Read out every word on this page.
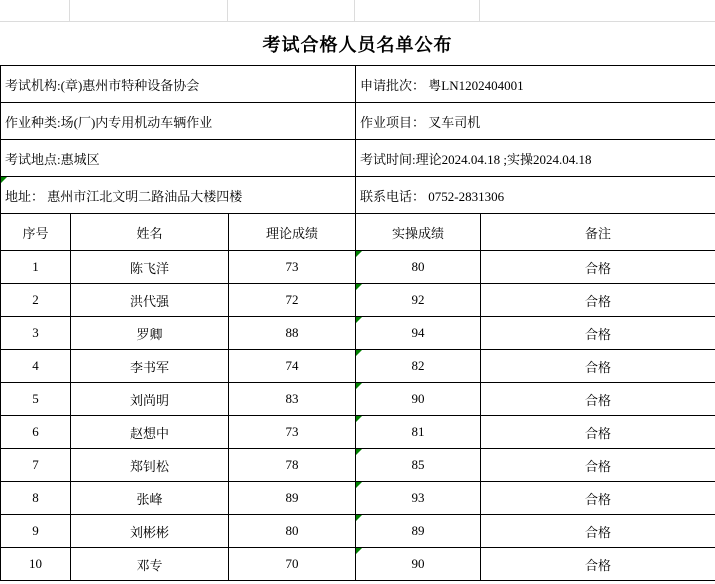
考试合格人员名单公布
考试机构:(章)惠州市特种设备协会			申请批次： 粤LN1202404001	
作业种类:场(厂)内专用机动车辆作业			作业项目： 叉车司机	
考试地点:惠城区			考试时间:理论2024.04.18 ;实操2024.04.18	

地址： 惠州市江北文明二路油品大楼四楼			联系电话： 0752-2831306	
序号	姓名	理论成绩	实操成绩	备注
1	陈飞洋	73	80	合格
2	洪代强	72	92	合格
3	罗卿	88	94	合格
4	李书军	74	82	合格
5	刘尚明	83	90	合格
6	赵想中	73	81	合格
7	郑钊松	78	85	合格
8	张峰	89	93	合格
9	刘彬彬	80	89	合格
10	邓专	70	90	合格
